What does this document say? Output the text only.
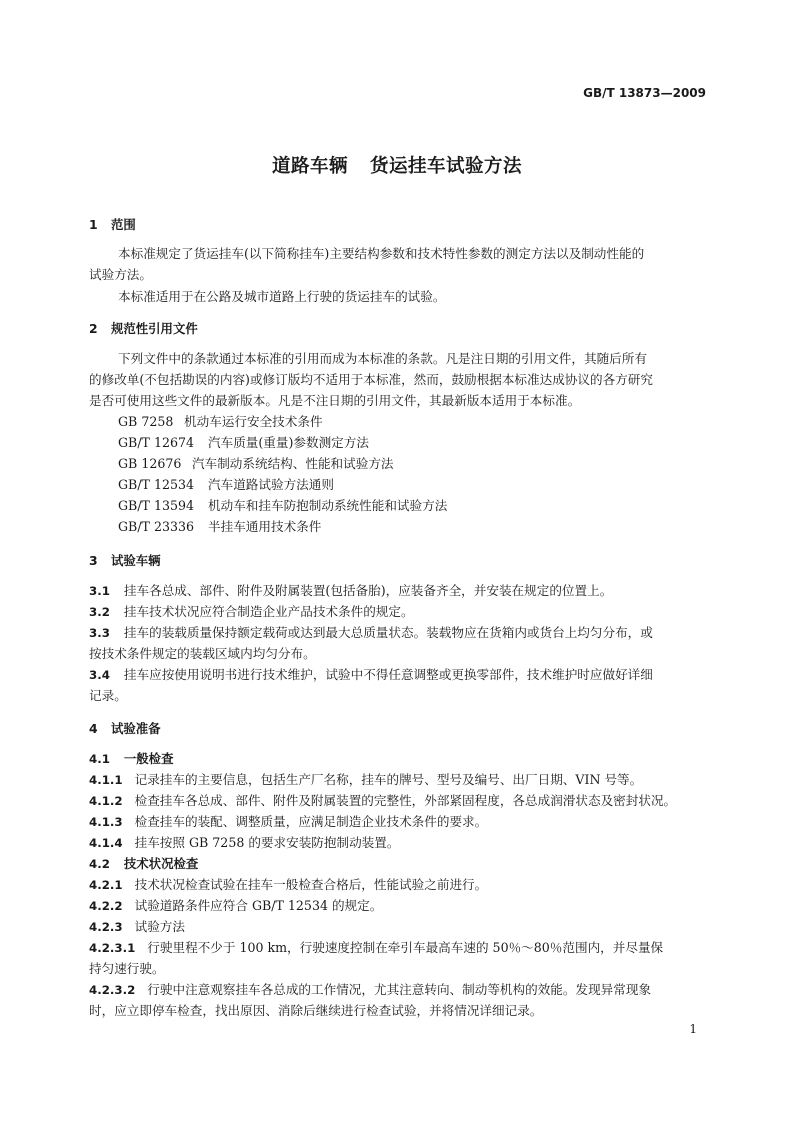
GB/T 13873—2009
道路车辆 货运挂车试验方法
1 范围
本标准规定了货运挂车(以下简称挂车)主要结构参数和技术特性参数的测定方法以及制动性能的
试验方法。
本标准适用于在公路及城市道路上行驶的货运挂车的试验。
2 规范性引用文件
下列文件中的条款通过本标准的引用而成为本标准的条款。凡是注日期的引用文件，其随后所有
的修改单(不包括勘误的内容)或修订版均不适用于本标准，然而，鼓励根据本标准达成协议的各方研究
是否可使用这些文件的最新版本。凡是不注日期的引用文件，其最新版本适用于本标准。
GB 7258 机动车运行安全技术条件
GB/T 12674 汽车质量(重量)参数测定方法
GB 12676 汽车制动系统结构、性能和试验方法
GB/T 12534 汽车道路试验方法通则
GB/T 13594 机动车和挂车防抱制动系统性能和试验方法
GB/T 23336 半挂车通用技术条件
3 试验车辆
3.1 挂车各总成、部件、附件及附属装置(包括备胎)，应装备齐全，并安装在规定的位置上。
3.2 挂车技术状况应符合制造企业产品技术条件的规定。
3.3 挂车的装载质量保持额定载荷或达到最大总质量状态。装载物应在货箱内或货台上均匀分布，或
按技术条件规定的装载区域内均匀分布。
3.4 挂车应按使用说明书进行技术维护，试验中不得任意调整或更换零部件，技术维护时应做好详细
记录。
4 试验准备
4.1 一般检查
4.1.1 记录挂车的主要信息，包括生产厂名称，挂车的牌号、型号及编号、出厂日期、VIN 号等。
4.1.2 检查挂车各总成、部件、附件及附属装置的完整性，外部紧固程度，各总成润滑状态及密封状况。
4.1.3 检查挂车的装配、调整质量，应满足制造企业技术条件的要求。
4.1.4 挂车按照 GB 7258 的要求安装防抱制动装置。
4.2 技术状况检查
4.2.1 技术状况检查试验在挂车一般检查合格后，性能试验之前进行。
4.2.2 试验道路条件应符合 GB/T 12534 的规定。
4.2.3 试验方法
4.2.3.1 行驶里程不少于 100 km，行驶速度控制在牵引车最高车速的 50％～80％范围内，并尽量保
持匀速行驶。
4.2.3.2 行驶中注意观察挂车各总成的工作情况，尤其注意转向、制动等机构的效能。发现异常现象
时，应立即停车检查，找出原因、消除后继续进行检查试验，并将情况详细记录。
1
